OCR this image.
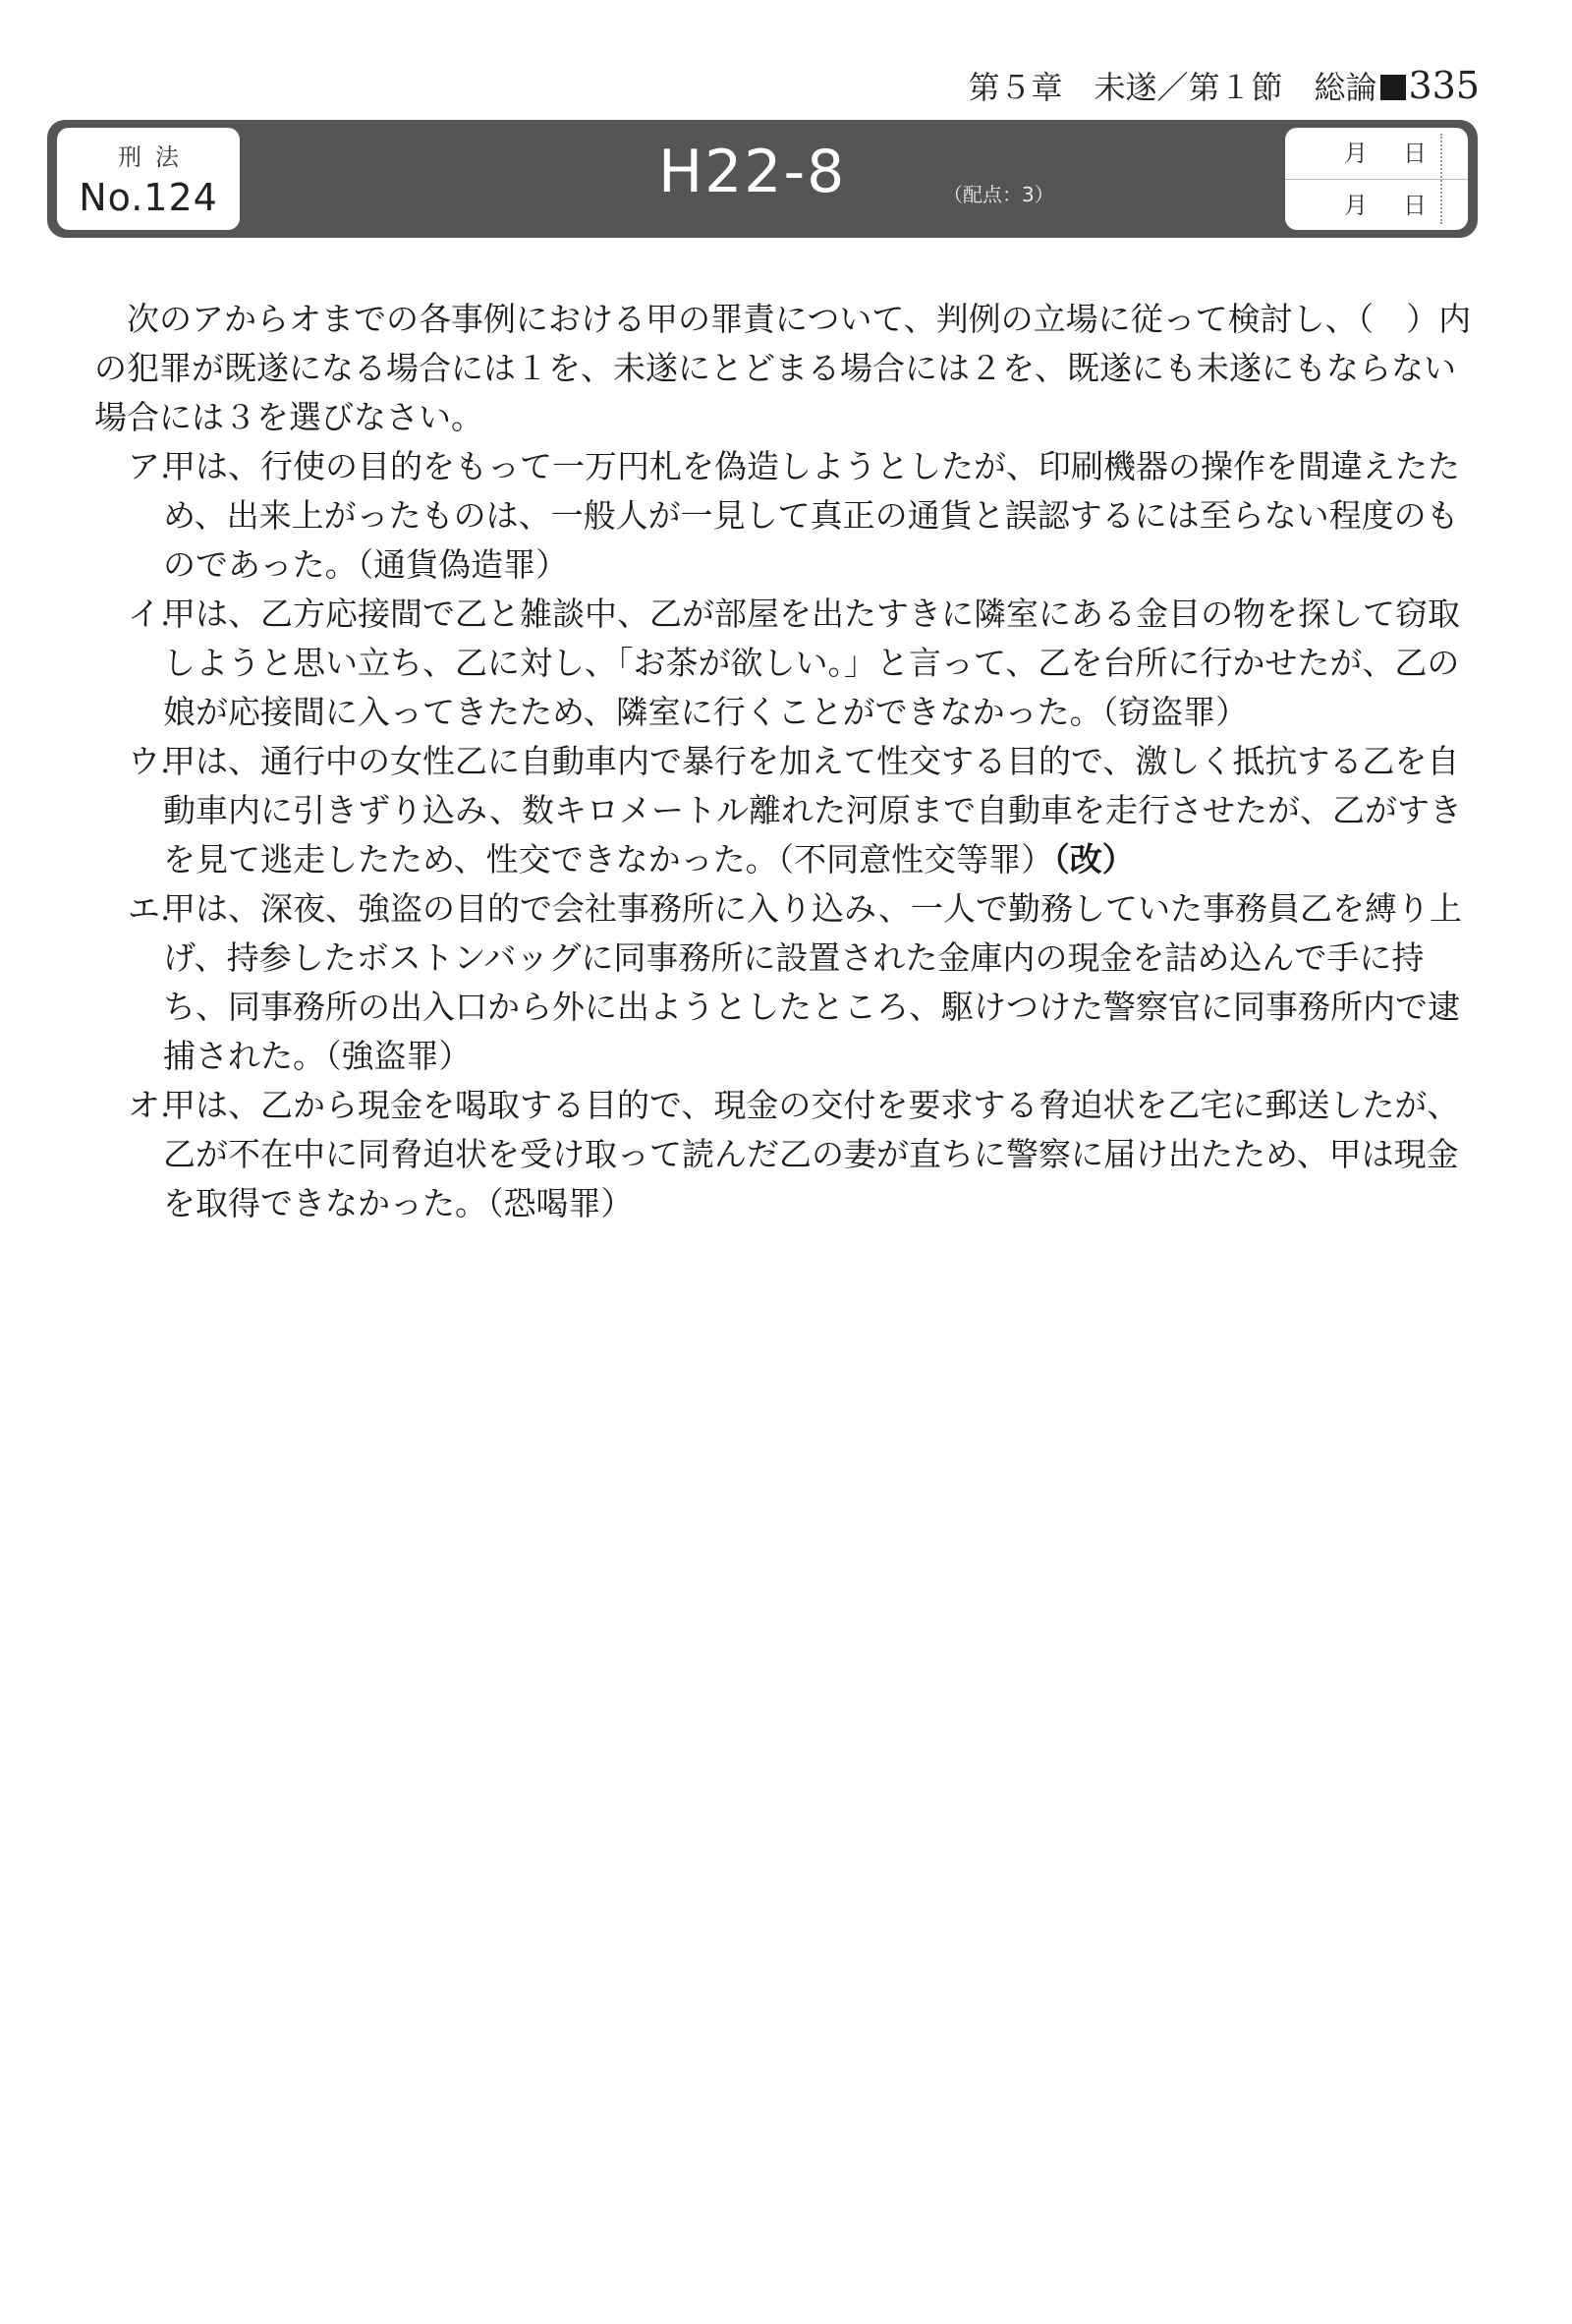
第５章　未遂／第１節　総論 335
刑法
No.124	H22-8	（配点：3）
月 日
月 日

次のアからオまでの各事例における甲の罪責について、判例の立場に従って検討し、（　）内の犯罪が既遂になる場合には１を、未遂にとどまる場合には２を、既遂にも未遂にもならない場合には３を選びなさい。

ア.甲は、行使の目的をもって一万円札を偽造しようとしたが、印刷機器の操作を間違えたため、出来上がったものは、一般人が一見して真正の通貨と誤認するには至らない程度のものであった。（通貨偽造罪）
イ.甲は、乙方応接間で乙と雑談中、乙が部屋を出たすきに隣室にある金目の物を探して窃取しようと思い立ち、乙に対し、「お茶が欲しい。」と言って、乙を台所に行かせたが、乙の娘が応接間に入ってきたため、隣室に行くことができなかった。（窃盗罪）
ウ.甲は、通行中の女性乙に自動車内で暴行を加えて性交する目的で、激しく抵抗する乙を自動車内に引きずり込み、数キロメートル離れた河原まで自動車を走行させたが、乙がすきを見て逃走したため、性交できなかった。（不同意性交等罪）（改）
エ.甲は、深夜、強盗の目的で会社事務所に入り込み、一人で勤務していた事務員乙を縛り上げ、持参したボストンバッグに同事務所に設置された金庫内の現金を詰め込んで手に持ち、同事務所の出入口から外に出ようとしたところ、駆けつけた警察官に同事務所内で逮捕された。（強盗罪）
オ.甲は、乙から現金を喝取する目的で、現金の交付を要求する脅迫状を乙宅に郵送したが、乙が不在中に同脅迫状を受け取って読んだ乙の妻が直ちに警察に届け出たため、甲は現金を取得できなかった。（恐喝罪）
